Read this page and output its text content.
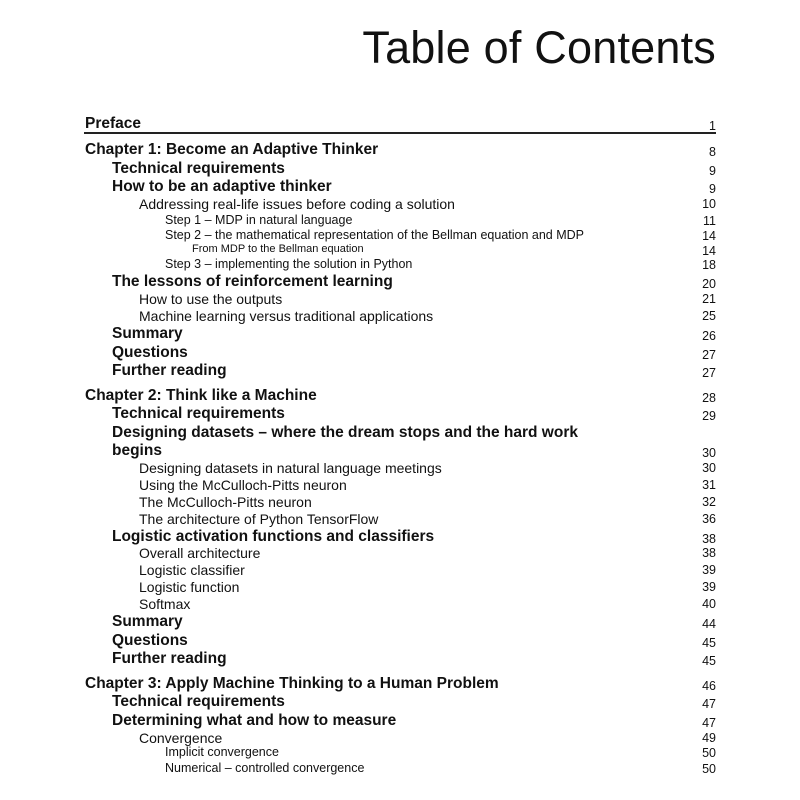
Table of Contents
Preface	1
Chapter 1: Become an Adaptive Thinker	8
Technical requirements	9
How to be an adaptive thinker	9
Addressing real-life issues before coding a solution	10
Step 1 – MDP in natural language	11
Step 2 – the mathematical representation of the Bellman equation and MDP	14
From MDP to the Bellman equation	14
Step 3 – implementing the solution in Python	18
The lessons of reinforcement learning	20
How to use the outputs	21
Machine learning versus traditional applications	25
Summary	26
Questions	27
Further reading	27
Chapter 2: Think like a Machine	28
Technical requirements	29
Designing datasets – where the dream stops and the hard work
begins	30
Designing datasets in natural language meetings	30
Using the McCulloch-Pitts neuron	31
The McCulloch-Pitts neuron	32
The architecture of Python TensorFlow	36
Logistic activation functions and classifiers	38
Overall architecture	38
Logistic classifier	39
Logistic function	39
Softmax	40
Summary	44
Questions	45
Further reading	45
Chapter 3: Apply Machine Thinking to a Human Problem	46
Technical requirements	47
Determining what and how to measure	47
Convergence	49
Implicit convergence	50
Numerical – controlled convergence	50
